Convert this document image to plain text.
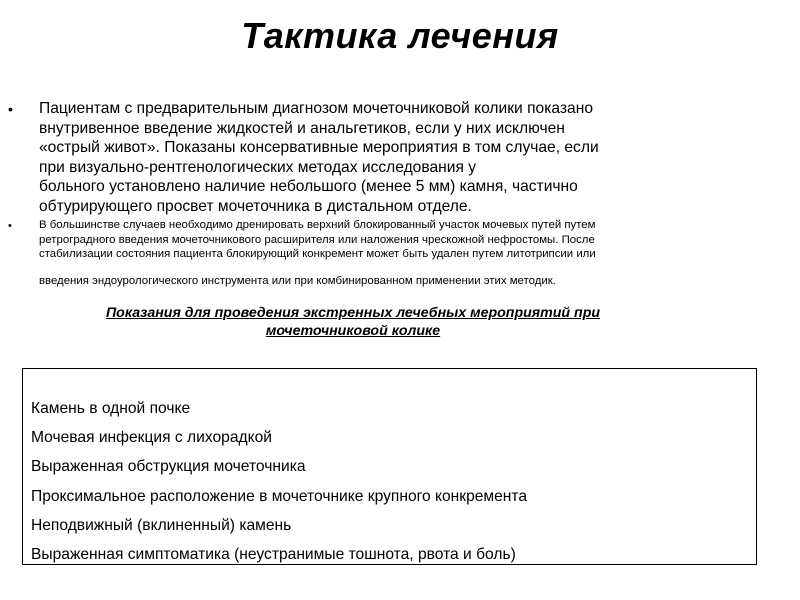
Тактика лечения
• Пациентам с предварительным диагнозом мочеточниковой колики показано
внутривенное введение жидкостей и анальгетиков, если у них исключен
«острый живот». Показаны консервативные мероприятия в том случае, если
при визуально-рентгенологических методах исследования у
больного установлено наличие небольшого (менее 5 мм) камня, частично
обтурирующего просвет мочеточника в дистальном отделе.

• В большинстве случаев необходимо дренировать верхний блокированный участок мочевых путей путем
ретроградного введения мочеточникового расширителя или наложения чрескожной нефростомы. После
стабилизации состояния пациента блокирующий конкремент может быть удален путем литотрипсии или
введения эндоурологического инструмента или при комбинированном применении этих методик.

Показания для проведения экстренных лечебных мероприятий при
мочеточниковой колике
Камень в одной почке
Мочевая инфекция с лихорадкой
Выраженная обструкция мочеточника
Проксимальное расположение в мочеточнике крупного конкремента
Неподвижный (вклиненный) камень
Выраженная симптоматика (неустранимые тошнота, рвота и боль)
